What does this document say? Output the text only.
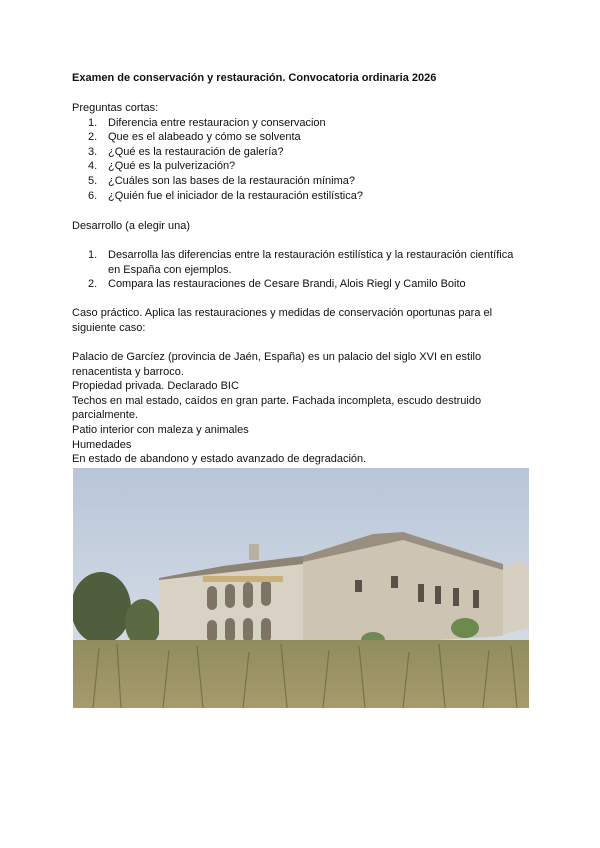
Examen de conservación y restauración. Convocatoria ordinaria 2026
Preguntas cortas:
1. Diferencia entre restauracion y conservacion
2. Que es el alabeado y cómo se solventa
3. ¿Qué es la restauración de galería?
4. ¿Qué es la pulverización?
5. ¿Cuáles son las bases de la restauración mínima?
6. ¿Quién fue el iniciador de la restauración estilística?
Desarrollo (a elegir una)
1. Desarrolla las diferencias entre la restauración estilística y la restauración científica en España con ejemplos.
2. Compara las restauraciones de Cesare Brandi, Alois Riegl y Camilo Boito
Caso práctico. Aplica las restauraciones y medidas de conservación oportunas para el siguiente caso:
Palacio de Garcíez (provincia de Jaén, España) es un palacio del siglo XVI en estilo renacentista y barroco.
Propiedad privada. Declarado BIC
Techos en mal estado, caídos en gran parte. Fachada incompleta, escudo destruido parcialmente.
Patio interior con maleza y animales
Humedades
En estado de abandono y estado avanzado de degradación.
